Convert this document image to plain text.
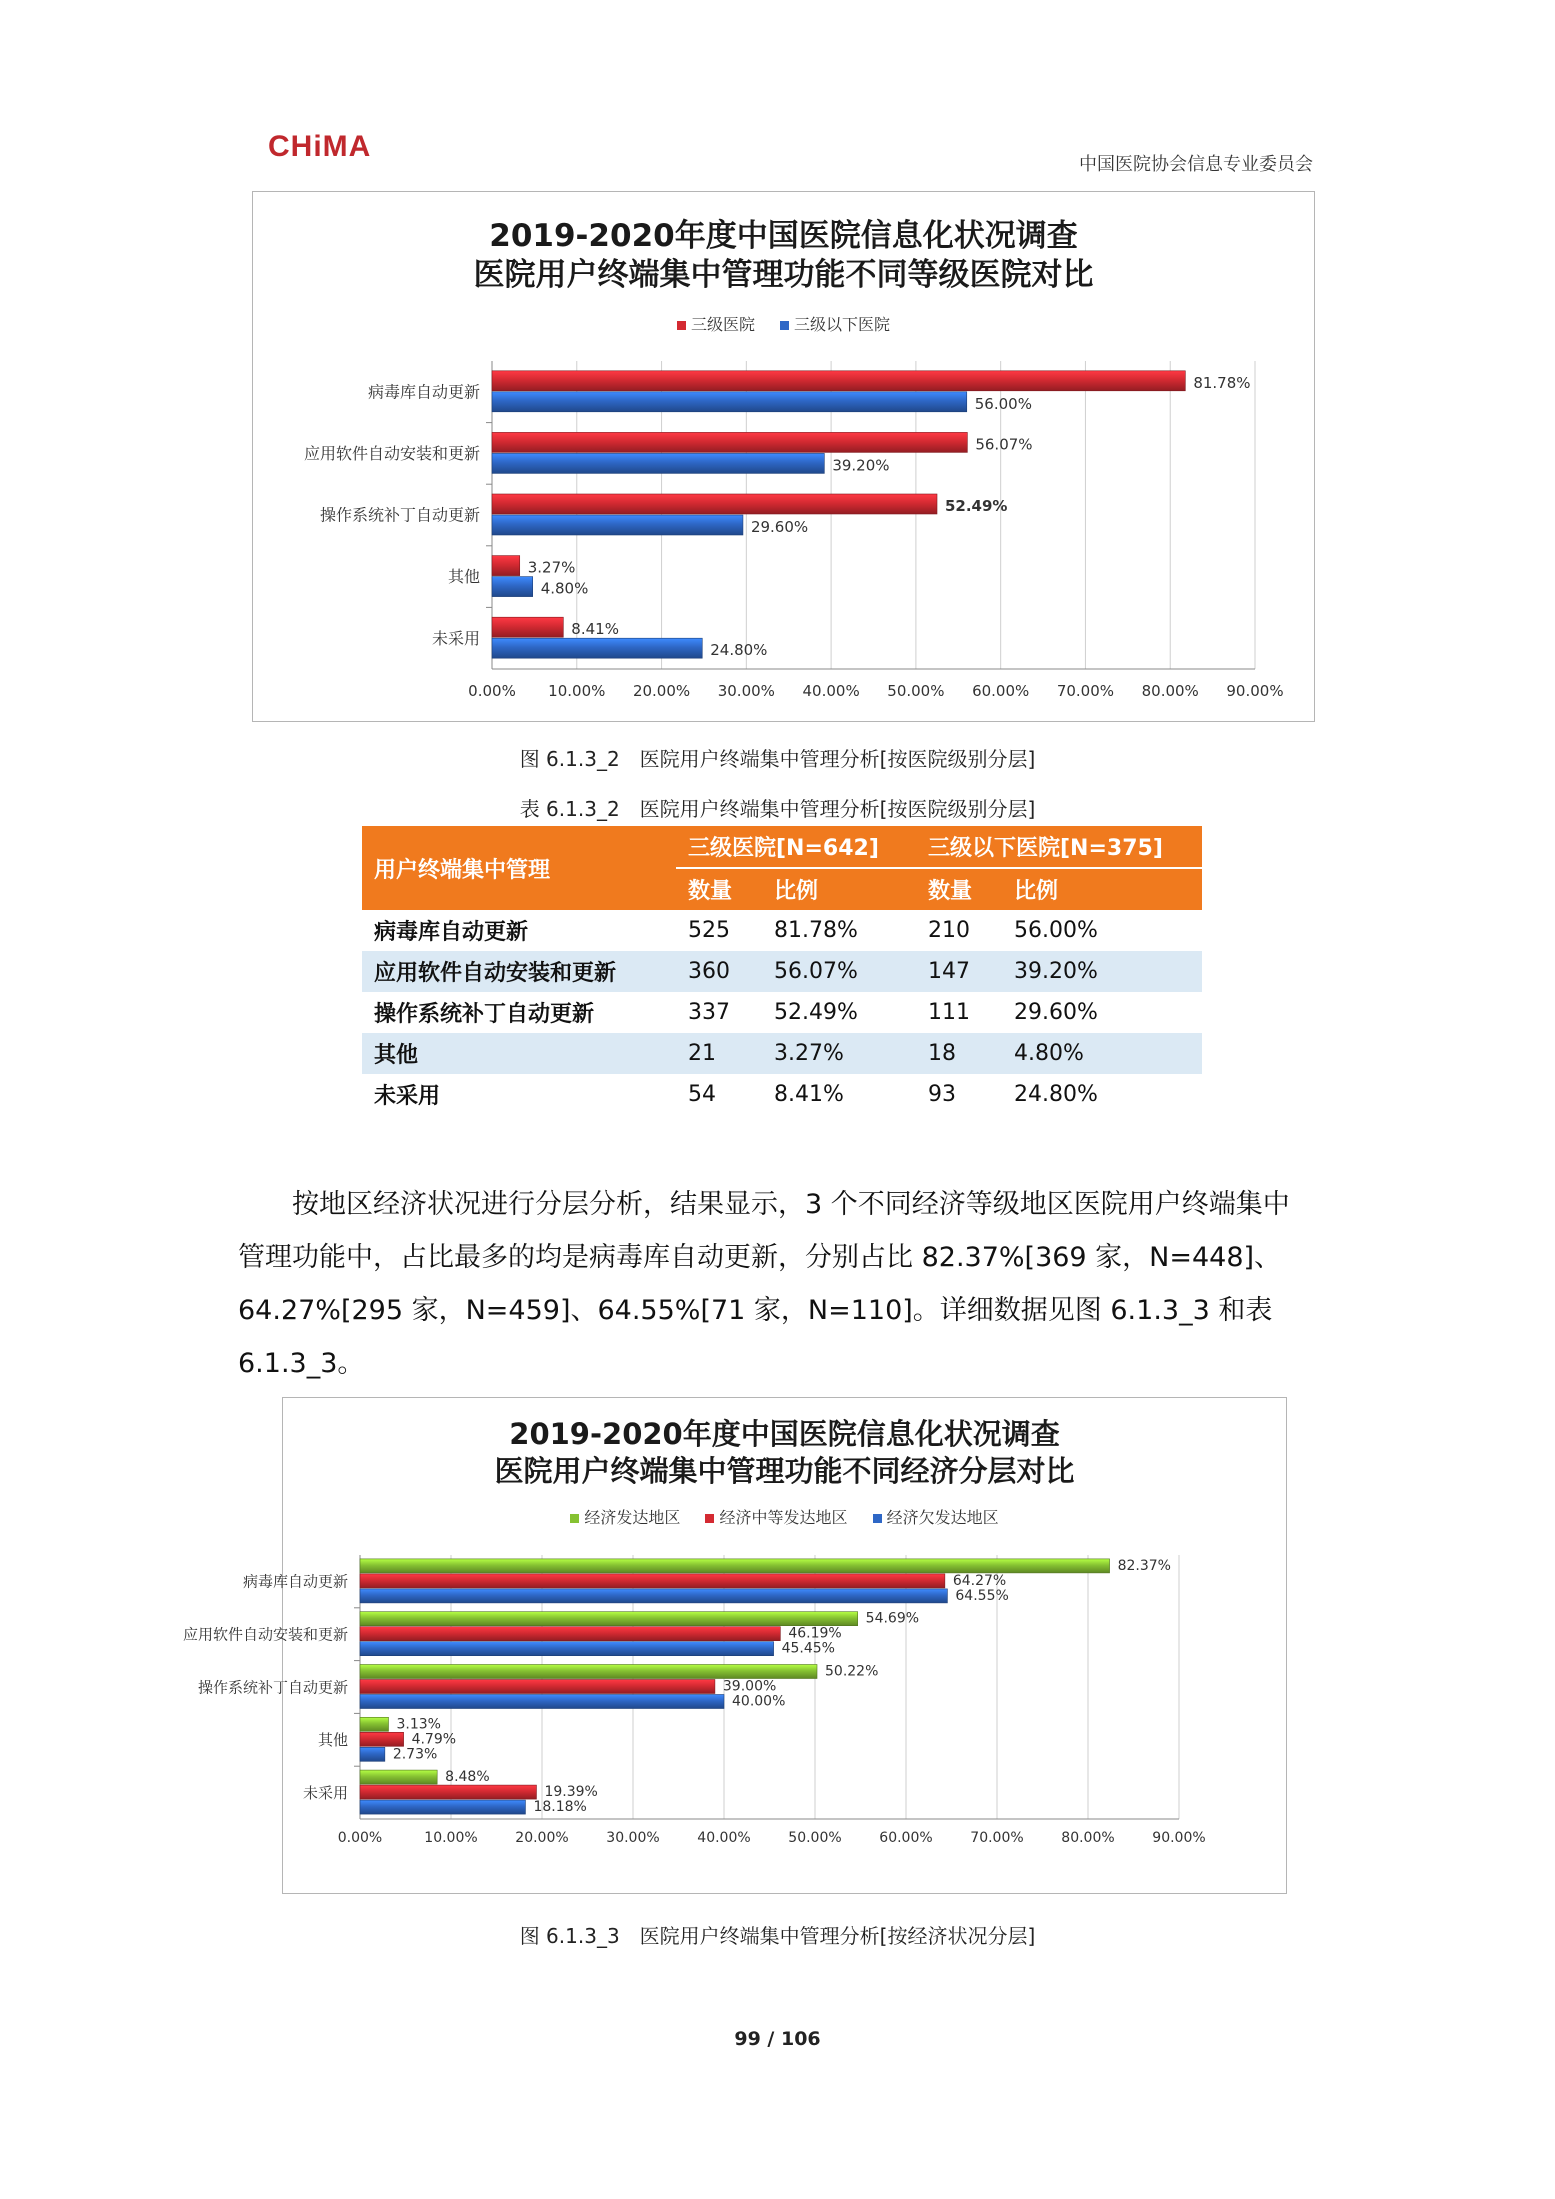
CHiMA
中国医院协会信息专业委员会
2019-2020年度中国医院信息化状况调查
医院用户终端集中管理功能不同等级医院对比
三级医院 三级以下医院
0.00% 10.00% 20.00% 30.00% 40.00% 50.00% 60.00% 70.00% 80.00% 90.00%
病毒库自动更新	81.78%
56.00%
应用软件自动安装和更新	56.07%
39.20%
操作系统补丁自动更新	52.49%
29.60%
其他	3.27%
4.80%
未采用	8.41%
24.80%
图 6.1.3_2　医院用户终端集中管理分析[按医院级别分层]
表 6.1.3_2　医院用户终端集中管理分析[按医院级别分层]
用户终端集中管理	三级医院[N=642]		三级以下医院[N=375]	
	数量	比例	数量	比例
病毒库自动更新	525	81.78%	210	56.00%
应用软件自动安装和更新	360	56.07%	147	39.20%
操作系统补丁自动更新	337	52.49%	111	29.60%
其他	21	3.27%	18	4.80%
未采用	54	8.41%	93	24.80%

按地区经济状况进行分层分析，结果显示，3 个不同经济等级地区医院用户终端集中

管理功能中，占比最多的均是病毒库自动更新，分别占比 82.37%[369 家，N=448]、
64.27%[295 家，N=459]、64.55%[71 家，N=110]。详细数据见图 6.1.3_3 和表
6.1.3_3。
2019-2020年度中国医院信息化状况调查
医院用户终端集中管理功能不同经济分层对比
经济发达地区 经济中等发达地区 经济欠发达地区
0.00%	10.00%	20.00%	30.00%	40.00%	50.00%	60.00%	70.00%	80.00%	90.00%
病毒库自动更新
82.37%
64.27%
64.55%
应用软件自动安装和更新
54.69%
46.19%
45.45%
操作系统补丁自动更新
50.22%
39.00%
40.00%
其他
3.13%
4.79%
2.73%
未采用
8.48%
19.39%
18.18%
图 6.1.3_3　医院用户终端集中管理分析[按经济状况分层]
99 / 106
